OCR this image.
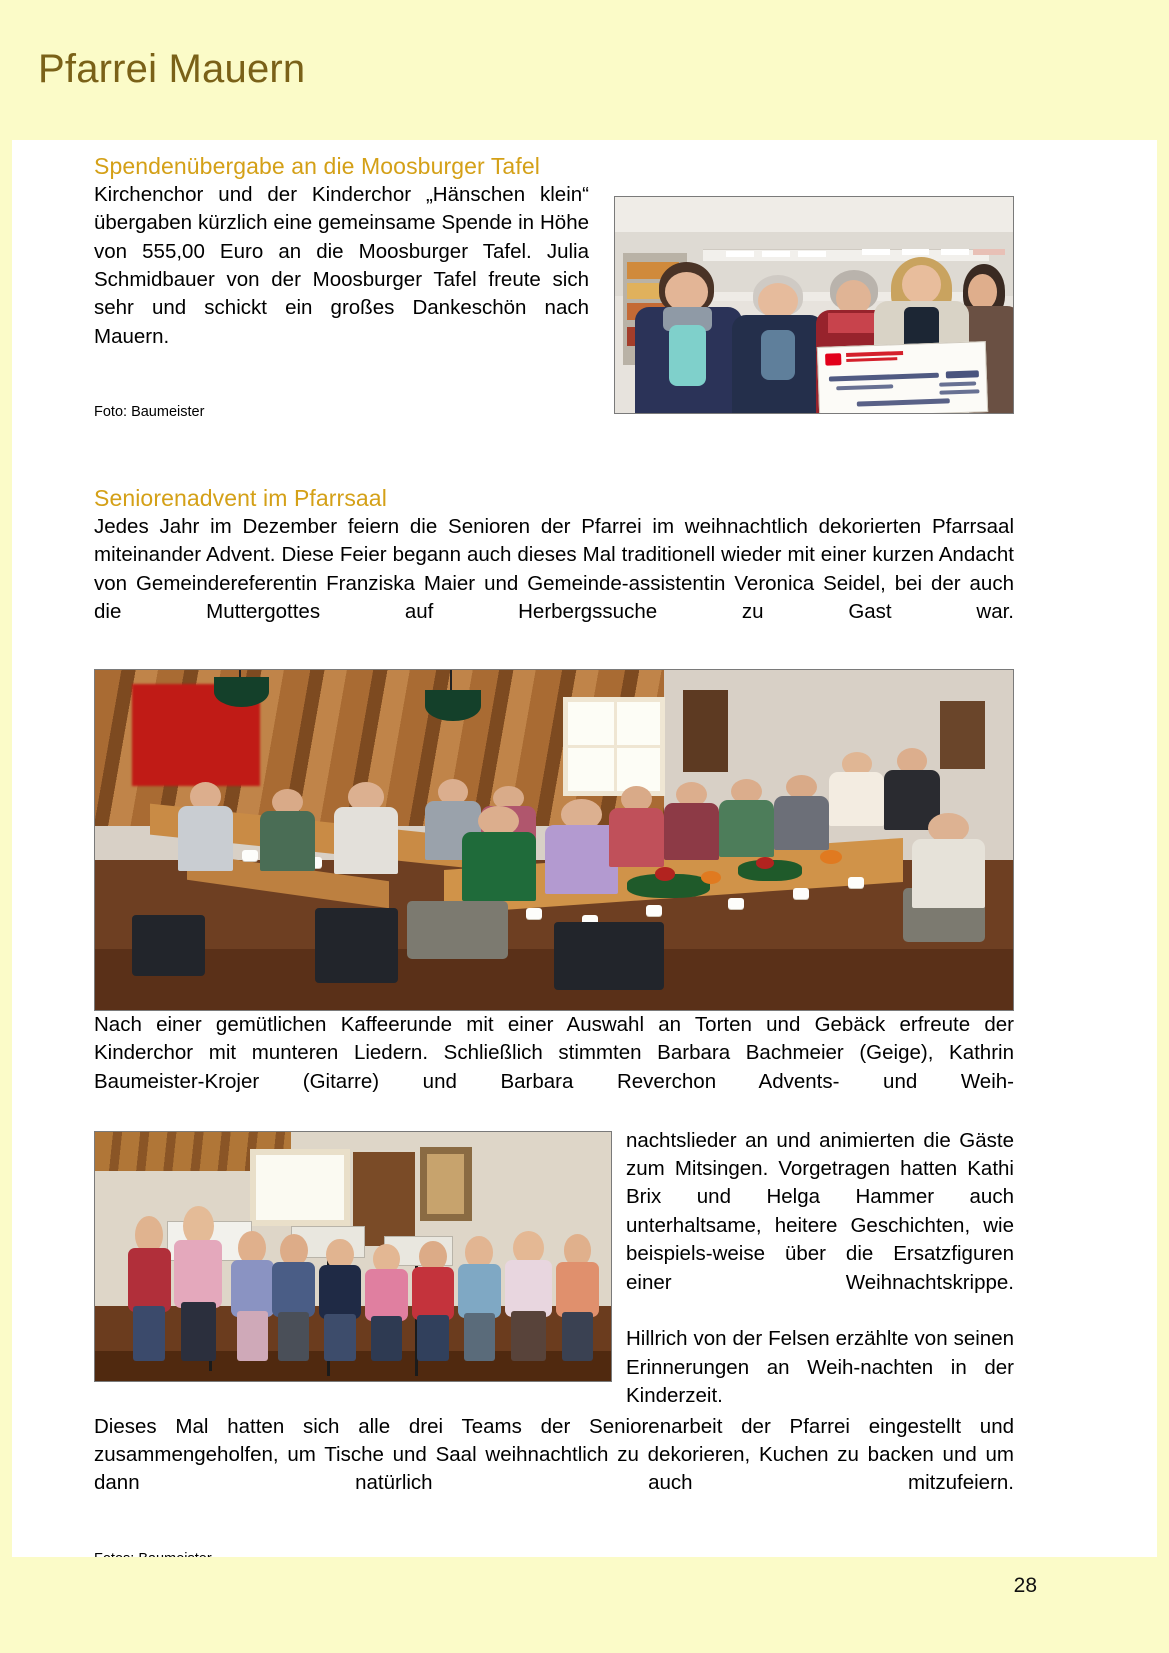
Pfarrei Mauern
Spendenübergabe an die Moosburger Tafel

Kirchenchor und der Kinderchor „Hänschen klein“ übergaben kürzlich eine gemeinsame Spende in Höhe von 555,00 Euro an die Moosburger Tafel. Julia Schmidbauer von der Moosburger Tafel freute sich sehr und schickt ein großes Dankeschön nach Mauern.

Foto: Baumeister

Seniorenadvent im Pfarrsaal

Jedes Jahr im Dezember feiern die Senioren der Pfarrei im weihnachtlich dekorierten Pfarrsaal miteinander Advent. Diese Feier begann auch dieses Mal traditionell wieder mit einer kurzen Andacht von Gemeindereferentin Franziska Maier und Gemeinde-assistentin Veronica Seidel, bei der auch die Muttergottes auf Herbergssuche zu Gast war.

Nach einer gemütlichen Kaffeerunde mit einer Auswahl an Torten und Gebäck erfreute der Kinderchor mit munteren Liedern. Schließlich stimmten Barbara Bachmeier (Geige), Kathrin Baumeister-Krojer (Gitarre) und Barbara Reverchon Advents- und Weih-

nachtslieder an und animierten die Gäste zum Mitsingen. Vorgetragen hatten Kathi Brix und Helga Hammer auch unterhaltsame, heitere Geschichten, wie beispiels-weise über die Ersatzfiguren einer Weihnachtskrippe.

Hillrich von der Felsen erzählte von seinen Erinnerungen an Weih-nachten in der Kinderzeit.

Dieses Mal hatten sich alle drei Teams der Seniorenarbeit der Pfarrei eingestellt und zusammengeholfen, um Tische und Saal weihnachtlich zu dekorieren, Kuchen zu backen und um dann natürlich auch mitzufeiern.

28
